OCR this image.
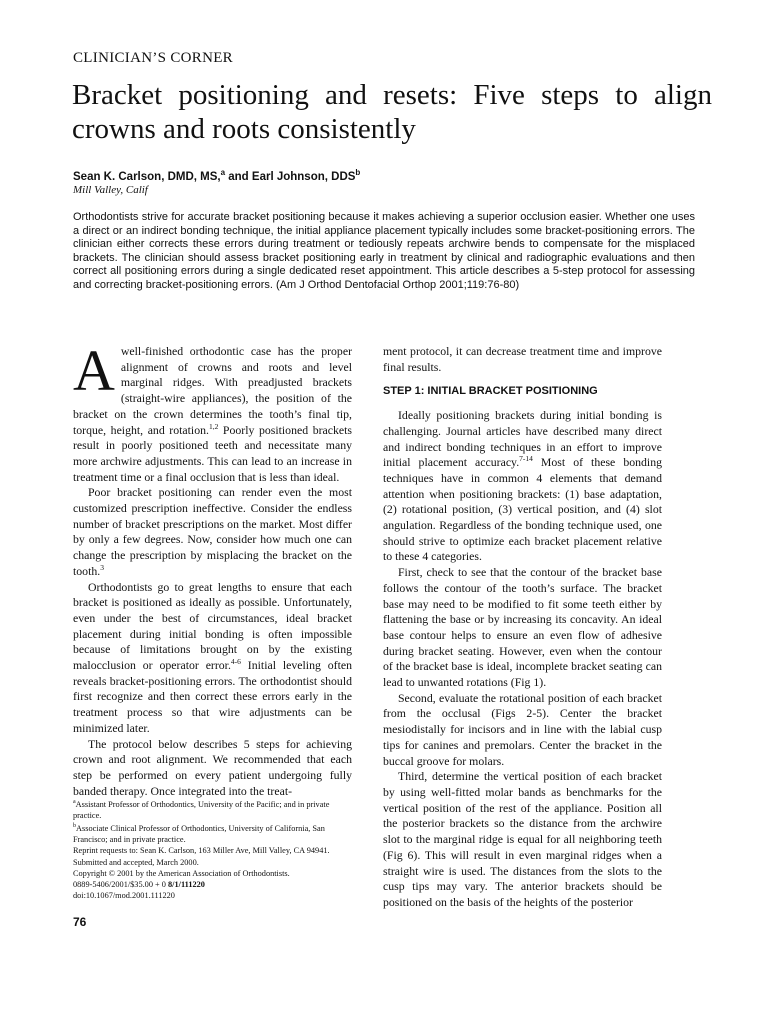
CLINICIAN’S CORNER
Bracket positioning and resets: Five steps to align crowns and roots consistently
Sean K. Carlson, DMD, MS,$^a$ and Earl Johnson, DDS$^b$
Mill Valley, Calif

Orthodontists strive for accurate bracket positioning because it makes achieving a superior occlusion easier. Whether one uses a direct or an indirect bonding technique, the initial appliance placement typically includes some bracket-positioning errors. The clinician either corrects these errors during treatment or tediously repeats archwire bends to compensate for the misplaced brackets. The clinician should assess bracket positioning early in treatment by clinical and radiographic evaluations and then correct all positioning errors during a single dedicated reset appointment. This article describes a 5-step protocol for assessing and correcting bracket-positioning errors. (Am J Orthod Dentofacial Orthop 2001;119:76-80)

Awell-finished orthodontic case has the proper alignment of crowns and roots and level marginal ridges. With preadjusted brackets (straight-wire appliances), the position of the bracket on the crown determines the tooth’s final tip, torque, height, and rotation.$^{1,2}$ Poorly positioned brackets result in poorly positioned teeth and necessitate many more archwire adjustments. This can lead to an increase in treatment time or a final occlusion that is less than ideal.

Poor bracket positioning can render even the most customized prescription ineffective. Consider the endless number of bracket prescriptions on the market. Most differ by only a few degrees. Now, consider how much one can change the prescription by misplacing the bracket on the tooth.$^3$

Orthodontists go to great lengths to ensure that each bracket is positioned as ideally as possible. Unfortunately, even under the best of circumstances, ideal bracket placement during initial bonding is often impossible because of limitations brought on by the existing malocclusion or operator error.$^{4-6}$ Initial leveling often reveals bracket-positioning errors. The orthodontist should first recognize and then correct these errors early in the treatment process so that wire adjustments can be minimized later.

The protocol below describes 5 steps for achieving crown and root alignment. We recommended that each step be performed on every patient undergoing fully banded therapy. Once integrated into the treat-

ment protocol, it can decrease treatment time and improve final results.

STEP 1: INITIAL BRACKET POSITIONING

Ideally positioning brackets during initial bonding is challenging. Journal articles have described many direct and indirect bonding techniques in an effort to improve initial placement accuracy.$^{7-14}$ Most of these bonding techniques have in common 4 elements that demand attention when positioning brackets: (1) base adaptation, (2) rotational position, (3) vertical position, and (4) slot angulation. Regardless of the bonding technique used, one should strive to optimize each bracket placement relative to these 4 categories.

First, check to see that the contour of the bracket base follows the contour of the tooth’s surface. The bracket base may need to be modified to fit some teeth either by flattening the base or by increasing its concavity. An ideal base contour helps to ensure an even flow of adhesive during bracket seating. However, even when the contour of the bracket base is ideal, incomplete bracket seating can lead to unwanted rotations (Fig 1).

Second, evaluate the rotational position of each bracket from the occlusal (Figs 2-5). Center the bracket mesiodistally for incisors and in line with the labial cusp tips for canines and premolars. Center the bracket in the buccal groove for molars.

Third, determine the vertical position of each bracket by using well-fitted molar bands as benchmarks for the vertical position of the rest of the appliance. Position all the posterior brackets so the distance from the archwire slot to the marginal ridge is equal for all neighboring teeth (Fig 6). This will result in even marginal ridges when a straight wire is used. The distances from the slots to the cusp tips may vary. The anterior brackets should be positioned on the basis of the heights of the posterior

$^a$Assistant Professor of Orthodontics, University of the Pacific; and in private practice.
$^b$Associate Clinical Professor of Orthodontics, University of California, San Francisco; and in private practice.
Reprint requests to: Sean K. Carlson, 163 Miller Ave, Mill Valley, CA 94941.
Submitted and accepted, March 2000.
Copyright © 2001 by the American Association of Orthodontists.
0889-5406/2001/$35.00 + 0 8/1/111220
doi:10.1067/mod.2001.111220
76
